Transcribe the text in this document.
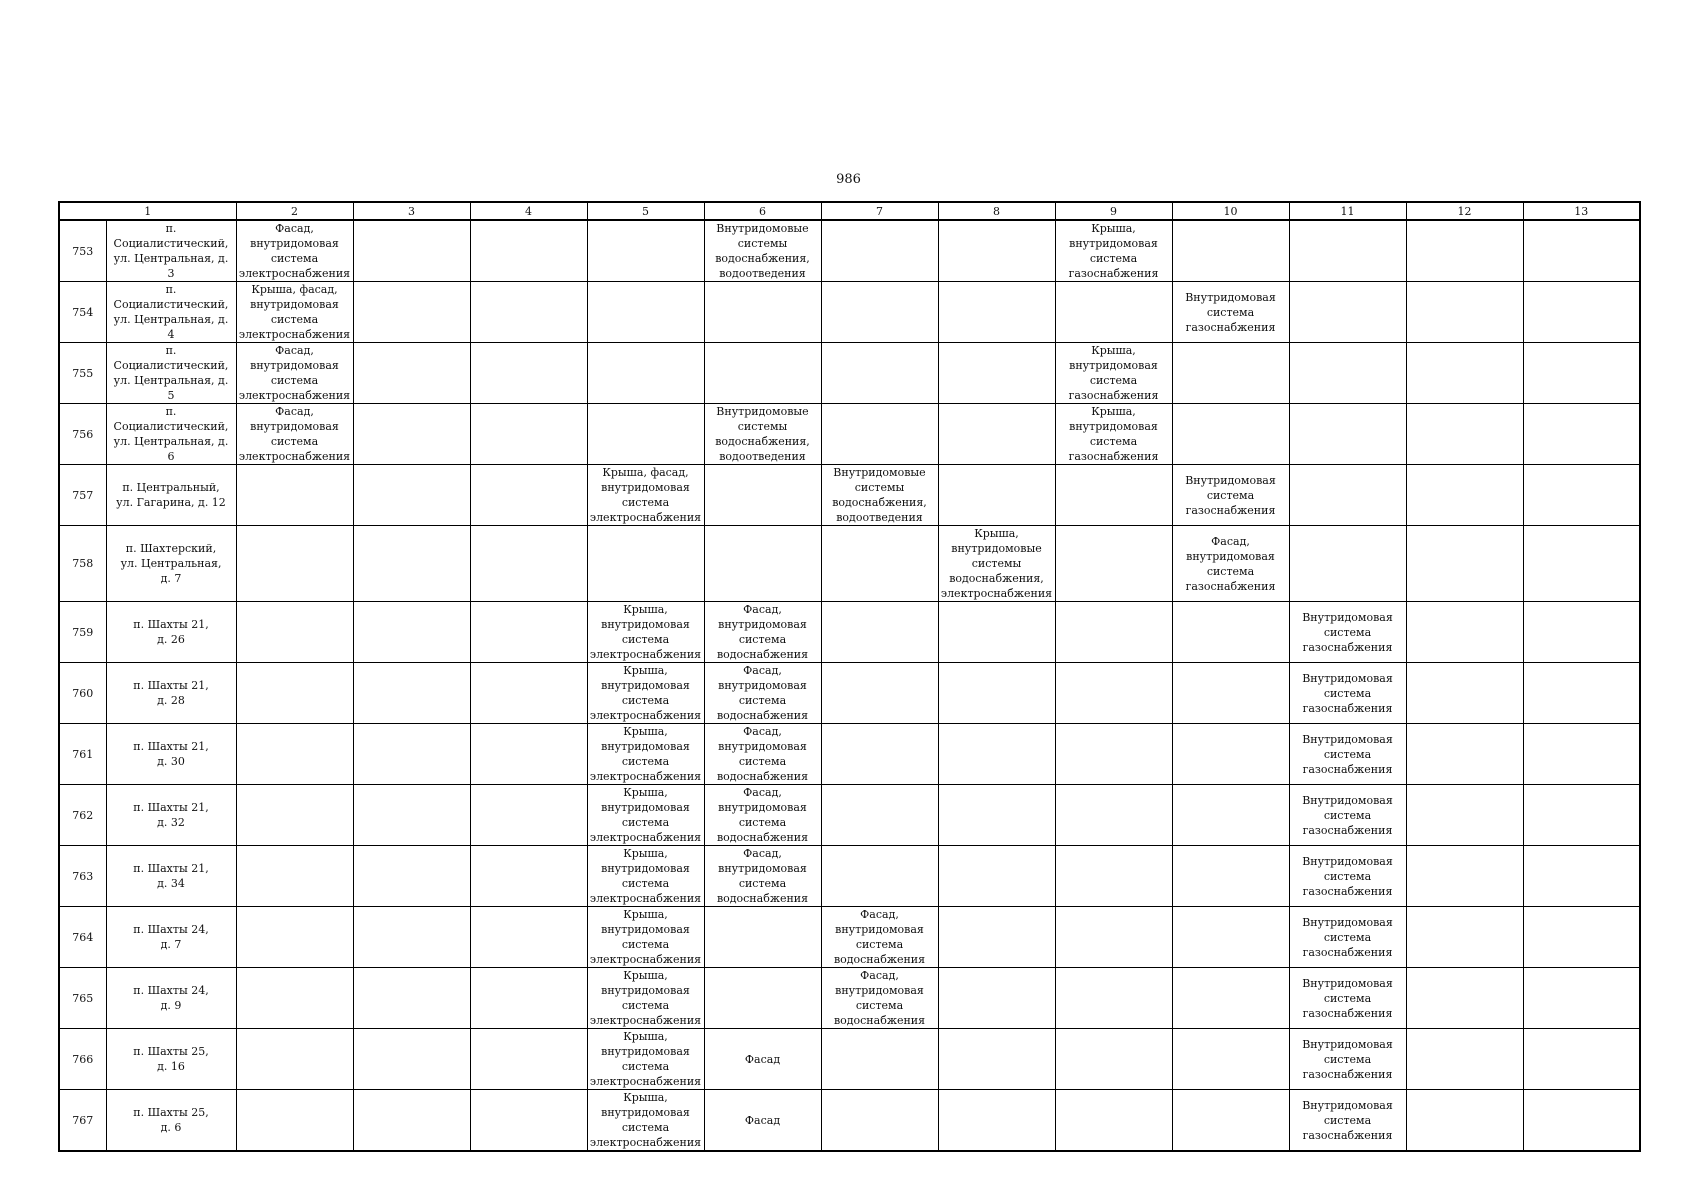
986
1		2	3	4	5	6	7	8	9	10	11	12	13
753	п. Социалистический,
ул. Центральная, д. 3	Фасад,
внутридомовая
система
электроснабжения				Внутридомовые
системы
водоснабжения,
водоотведения			Крыша,
внутридомовая
система
газоснабжения				

754	п. Социалистический,
ул. Центральная, д. 4	Крыша, фасад,
внутридомовая
система
электроснабжения								Внутридомовая
система
газоснабжения			

755	п. Социалистический,
ул. Центральная, д. 5	Фасад,
внутридомовая
система
электроснабжения							Крыша,
внутридомовая
система
газоснабжения				

756	п. Социалистический,
ул. Центральная, д. 6	Фасад,
внутридомовая
система
электроснабжения				Внутридомовые
системы
водоснабжения,
водоотведения			Крыша,
внутридомовая
система
газоснабжения				

757	п. Центральный,
ул. Гагарина, д. 12				Крыша, фасад,
внутридомовая
система
электроснабжения		Внутридомовые
системы
водоснабжения,
водоотведения			Внутридомовая
система
газоснабжения			

758	п. Шахтерский,
ул. Центральная,
д. 7							Крыша,
внутридомовые
системы
водоснабжения,
электроснабжения		Фасад,
внутридомовая
система
газоснабжения			

759	п. Шахты 21,
д. 26				Крыша,
внутридомовая
система
электроснабжения	Фасад,
внутридомовая
система
водоснабжения					Внутридомовая
система
газоснабжения		

760	п. Шахты 21,
д. 28				Крыша,
внутридомовая
система
электроснабжения	Фасад,
внутридомовая
система
водоснабжения					Внутридомовая
система
газоснабжения		

761	п. Шахты 21,
д. 30				Крыша,
внутридомовая
система
электроснабжения	Фасад,
внутридомовая
система
водоснабжения					Внутридомовая
система
газоснабжения		

762	п. Шахты 21,
д. 32				Крыша,
внутридомовая
система
электроснабжения	Фасад,
внутридомовая
система
водоснабжения					Внутридомовая
система
газоснабжения		

763	п. Шахты 21,
д. 34				Крыша,
внутридомовая
система
электроснабжения	Фасад,
внутридомовая
система
водоснабжения					Внутридомовая
система
газоснабжения		

764	п. Шахты 24,
д. 7				Крыша,
внутридомовая
система
электроснабжения		Фасад,
внутридомовая
система
водоснабжения				Внутридомовая
система
газоснабжения		

765	п. Шахты 24,
д. 9				Крыша,
внутридомовая
система
электроснабжения		Фасад,
внутридомовая
система
водоснабжения				Внутридомовая
система
газоснабжения		

766	п. Шахты 25,
д. 16				Крыша,
внутридомовая
система
электроснабжения	Фасад					Внутридомовая
система
газоснабжения		

767	п. Шахты 25,
д. 6				Крыша,
внутридомовая
система
электроснабжения	Фасад					Внутридомовая
система
газоснабжения		
